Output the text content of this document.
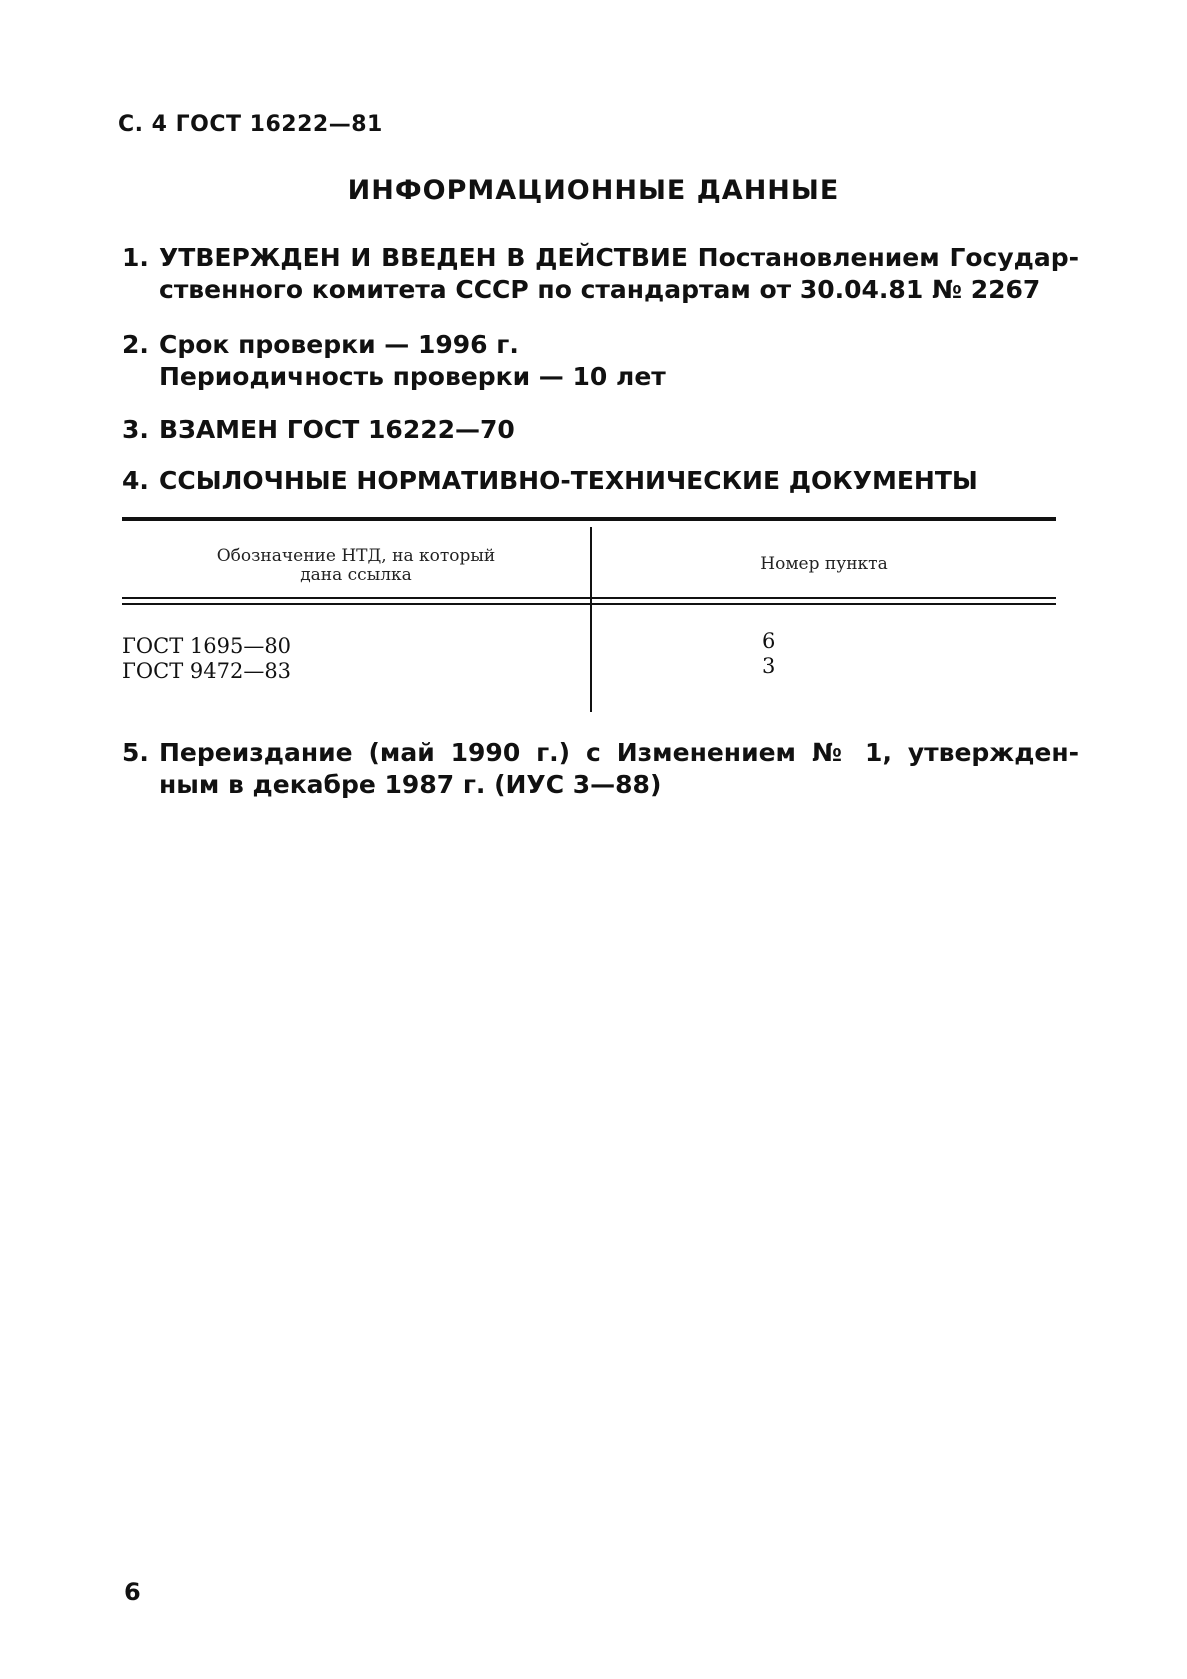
С. 4 ГОСТ 16222—81
ИНФОРМАЦИОННЫЕ ДАННЫЕ
1. УТВЕРЖДЕН И ВВЕДЕН В ДЕЙСТВИЕ Постановлением Государ-
ственного комитета СССР по стандартам от 30.04.81 № 2267
2. Срок проверки — 1996 г.
Периодичность проверки — 10 лет
3. ВЗАМЕН ГОСТ 16222—70
4. ССЫЛОЧНЫЕ НОРМАТИВНО-ТЕХНИЧЕСКИЕ ДОКУМЕНТЫ
Обозначение НТД, на который
дана ссылка
Номер пункта
ГОСТ 1695—80
ГОСТ 9472—83
6
3
5. Переиздание (май 1990 г.) с Изменением № 1, утвержден-
ным в декабре 1987 г. (ИУС 3—88)
6
